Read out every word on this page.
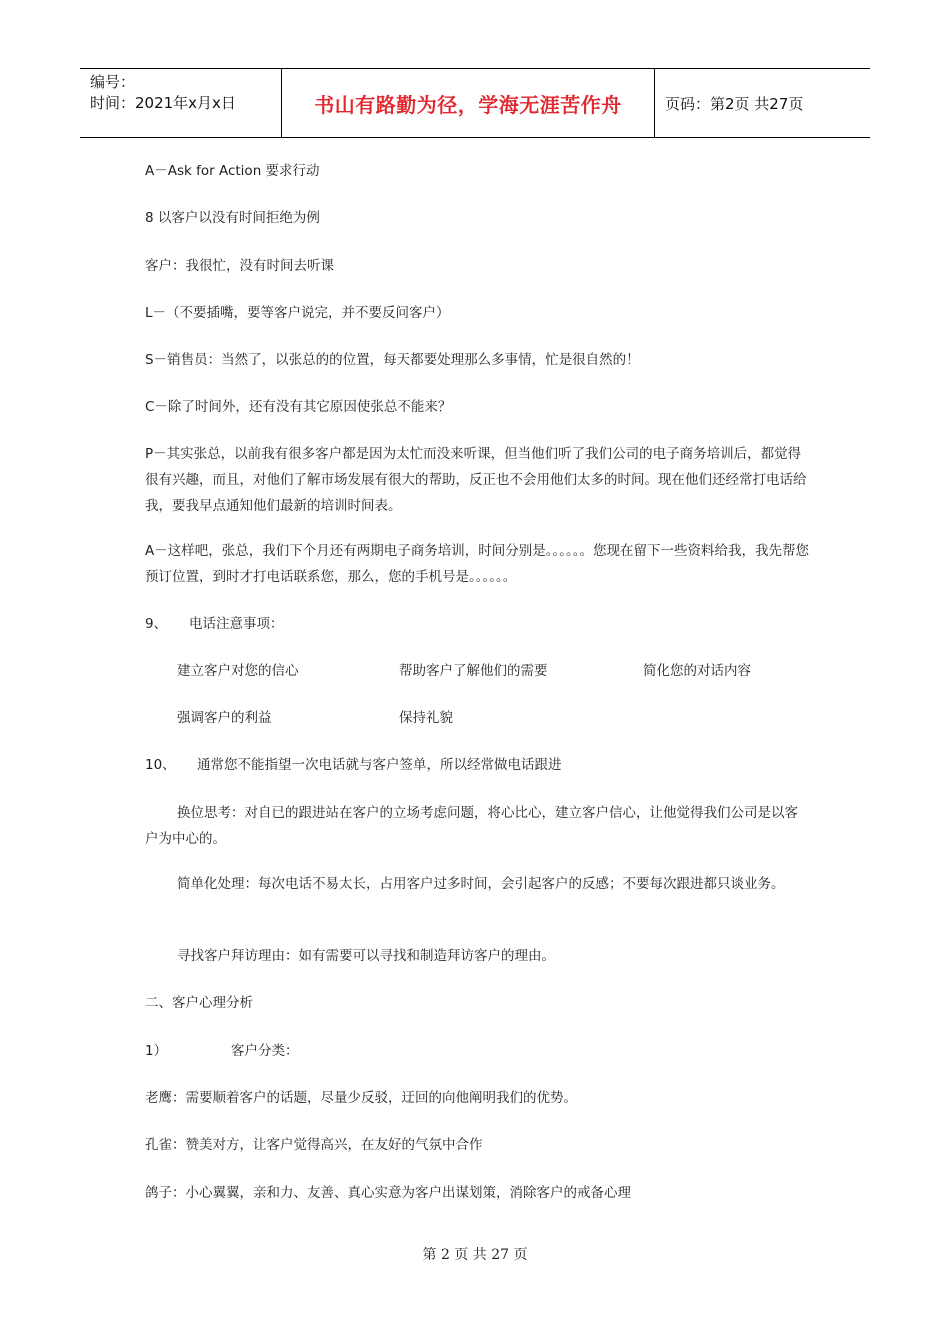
编号：
时间：2021年x月x日	书山有路勤为径，学海无涯苦作舟	页码：第2页 共27页
A－Ask for Action 要求行动
8 以客户以没有时间拒绝为例
客户：我很忙，没有时间去听课
L－（不要插嘴，要等客户说完，并不要反问客户）
S－销售员：当然了，以张总的的位置，每天都要处理那么多事情，忙是很自然的！
C－除了时间外，还有没有其它原因使张总不能来？
P－其实张总，以前我有很多客户都是因为太忙而没来听课，但当他们听了我们公司的电子商务培训后，都觉得很有兴趣，而且，对他们了解市场发展有很大的帮助，反正也不会用他们太多的时间。现在他们还经常打电话给我，要我早点通知他们最新的培训时间表。
A－这样吧，张总，我们下个月还有两期电子商务培训，时间分别是。。。。。。您现在留下一些资料给我，我先帮您预订位置，到时才打电话联系您，那么，您的手机号是。。。。。。
9、 电话注意事项：
建立客户对您的信心	帮助客户了解他们的需要	简化您的对话内容
强调客户的利益	保持礼貌
10、 通常您不能指望一次电话就与客户签单，所以经常做电话跟进
换位思考：对自已的跟进站在客户的立场考虑问题，将心比心，建立客户信心，让他觉得我们公司是以客户为中心的。
简单化处理：每次电话不易太长，占用客户过多时间，会引起客户的反感；不要每次跟进都只谈业务。
寻找客户拜访理由：如有需要可以寻找和制造拜访客户的理由。
二、客户心理分析
1）	客户分类：
老鹰：需要顺着客户的话题，尽量少反驳，迂回的向他阐明我们的优势。
孔雀：赞美对方，让客户觉得高兴，在友好的气氛中合作
鸽子：小心翼翼，亲和力、友善、真心实意为客户出谋划策，消除客户的戒备心理
第 2 页 共 27 页
